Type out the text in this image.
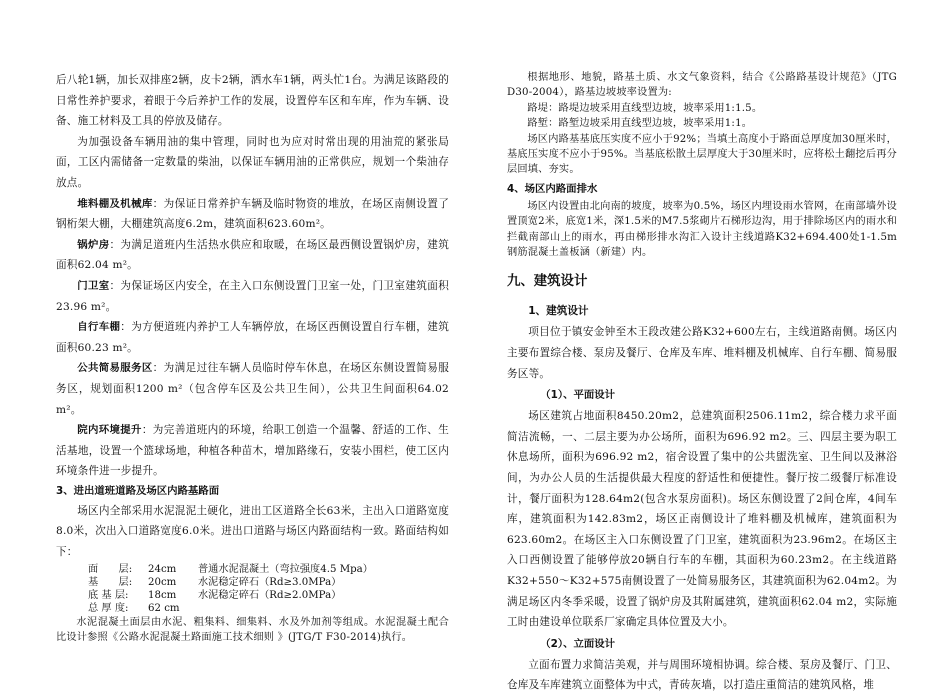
后八轮1辆，加长双排座2辆，皮卡2辆，洒水车1辆，两头忙1台。为满足该路段的日常性养护要求，着眼于今后养护工作的发展，设置停车区和车库，作为车辆、设备、施工材料及工具的停放及储存。

为加强设备车辆用油的集中管理，同时也为应对时常出现的用油荒的紧张局面，工区内需储备一定数量的柴油，以保证车辆用油的正常供应，规划一个柴油存放点。

堆料棚及机械库：为保证日常养护车辆及临时物资的堆放，在场区南侧设置了钢桁架大棚，大棚建筑高度6.2m，建筑面积623.60m²。

锅炉房：为满足道班内生活热水供应和取暖，在场区最西侧设置锅炉房，建筑面积62.04 m²。

门卫室：为保证场区内安全，在主入口东侧设置门卫室一处，门卫室建筑面积23.96 m²。

自行车棚：为方便道班内养护工人车辆停放，在场区西侧设置自行车棚，建筑面积60.23 m²。

公共简易服务区：为满足过往车辆人员临时停车休息，在场区东侧设置简易服务区，规划面积1200 m²（包含停车区及公共卫生间），公共卫生间面积64.02 m²。

院内环境提升：为完善道班内的环境，给职工创造一个温馨、舒适的工作、生活基地，设置一个篮球场地，种植各种苗木，增加路缘石，安装小围栏，使工区内环境条件进一步提升。

3、进出道班道路及场区内路基路面

场区内全部采用水泥混泥土硬化，进出工区道路全长63米，主出入口道路宽度8.0米，次出入口道路宽度6.0米。进出口道路与场区内路面结构一致。路面结构如下：

面　　层:	24cm	普通水泥混凝土（弯拉强度4.5 Mpa）
基　　层:	20cm	水泥稳定碎石（Rd≥3.0MPa）
底 基 层:	18cm	水泥稳定碎石（Rd≥2.0MPa）
总 厚 度:	62 cm	

水泥混凝土面层由水泥、粗集料、细集料、水及外加剂等组成。水泥混凝土配合比设计参照《公路水泥混凝土路面施工技术细则 》(JTG/T F30-2014)执行。

根据地形、地貌，路基土质、水文气象资料，结合《公路路基设计规范》（JTG D30-2004），路基边坡坡率设置为:

路堤：路堤边坡采用直线型边坡，坡率采用1:1.5。

路堑：路堑边坡采用直线型边坡，坡率采用1:1。

场区内路基基底压实度不应小于92%；当填土高度小于路面总厚度加30厘米时，基底压实度不应小于95%。当基底松散土层厚度大于30厘米时，应将松土翻挖后再分层回填、夯实。

4、场区内路面排水

场区内设置由北向南的坡度，坡率为0.5%，场区内埋设雨水管网，在南部墙外设置顶宽2米，底宽1米，深1.5米的M7.5浆砌片石梯形边沟，用于排除场区内的雨水和拦截南部山上的雨水，再由梯形排水沟汇入设计主线道路K32+694.400处1-1.5m钢筋混凝土盖板涵（新建）内。

九、建筑设计
1、建筑设计

项目位于镇安金钟至木王段改建公路K32+600左右，主线道路南侧。场区内主要布置综合楼、泵房及餐厅、仓库及车库、堆料棚及机械库、自行车棚、简易服务区等。

（1）、平面设计

场区建筑占地面积8450.20m2，总建筑面积2506.11m2，综合楼力求平面简洁流畅，一、二层主要为办公场所，面积为696.92 m2。三、四层主要为职工休息场所，面积为696.92 m2，宿舍设置了集中的公共盥洗室、卫生间以及淋浴间，为办公人员的生活提供最大程度的舒适性和便捷性。餐厅按二级餐厅标准设计，餐厅面积为128.64m2(包含水泵房面积)。场区东侧设置了2间仓库，4间车库，建筑面积为142.83m2，场区正南侧设计了堆料棚及机械库，建筑面积为623.60m2。在场区主入口东侧设置了门卫室，建筑面积为23.96m2。在场区主入口西侧设置了能够停放20辆自行车的车棚，其面积为60.23m2。在主线道路K32+550～K32+575南侧设置了一处简易服务区，其建筑面积为62.04m2。为满足场区内冬季采暖，设置了锅炉房及其附属建筑，建筑面积62.04 m2，实际施工时由建设单位联系厂家确定具体位置及大小。

（2）、立面设计

立面布置力求简洁美观，并与周围环境相协调。综合楼、泵房及餐厅、门卫、仓库及车库建筑立面整体为中式，青砖灰墙，以打造庄重简洁的建筑风格，堆
